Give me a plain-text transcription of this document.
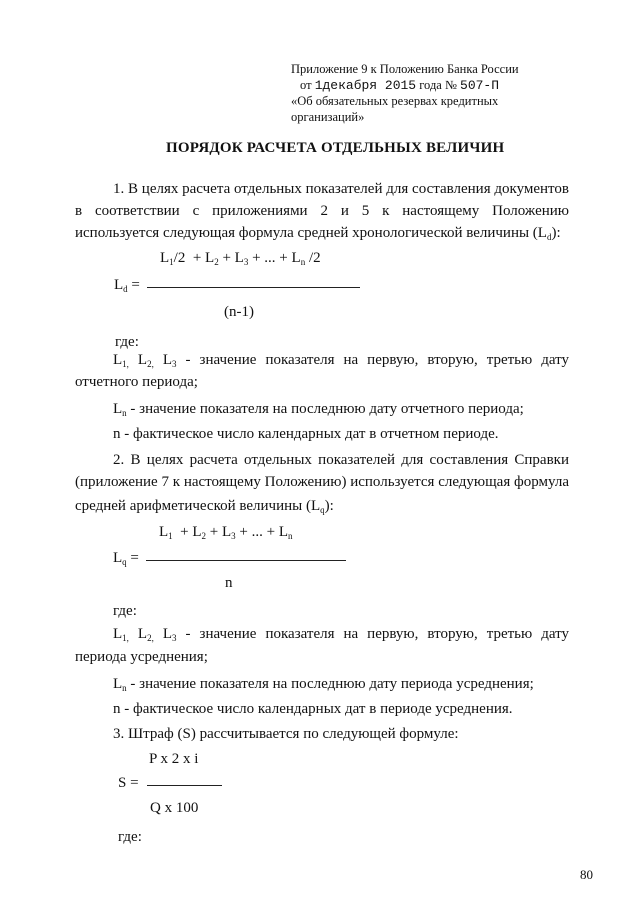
Приложение 9 к Положению Банка России
от 1декабря 2015 года № 507-П
«Об обязательных резервах кредитных
организаций»
ПОРЯДОК РАСЧЕТА ОТДЕЛЬНЫХ ВЕЛИЧИН
1. В целях расчета отдельных показателей для составления документов
в соответствии с приложениями 2 и 5 к настоящему Положению
используется следующая формула средней хронологической величины $(L_d)$:
$L_1/2 + L_2 + L_3$ + ... + $L_n$ /2
$L_d$ =
(n-1)
где:
$L_{1,}$ $L_{2,}$ $L_3$ - значение показателя на первую, вторую, третью дату
отчетного периода;
$L_n$ - значение показателя на последнюю дату отчетного периода;
n - фактическое число календарных дат в отчетном периоде.
2. В целях расчета отдельных показателей для составления Справки
(приложение 7 к настоящему Положению) используется следующая формула
средней арифметической величины $(L_q)$:
$L_1 + L_2 + L_3$ + ... + $L_n$
$L_q$ =
n
где:
$L_{1,}$ $L_{2,}$ $L_3$ - значение показателя на первую, вторую, третью дату
периода усреднения;
$L_n$ - значение показателя на последнюю дату периода усреднения;
n - фактическое число календарных дат в периоде усреднения.
3. Штраф (S) рассчитывается по следующей формуле:
P x 2 x i
S =
Q x 100
где:
80
